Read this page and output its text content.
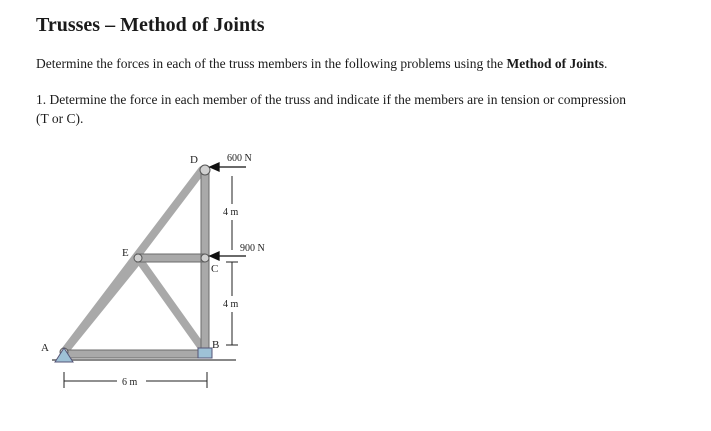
Trusses – Method of Joints

Determine the forces in each of the truss members in the following problems using the Method of Joints.

1. Determine the force in each member of the truss and indicate if the members are in tension or compression (T or C).

D
E
C
B
A
600 N
900 N
4 m
4 m
6 m
